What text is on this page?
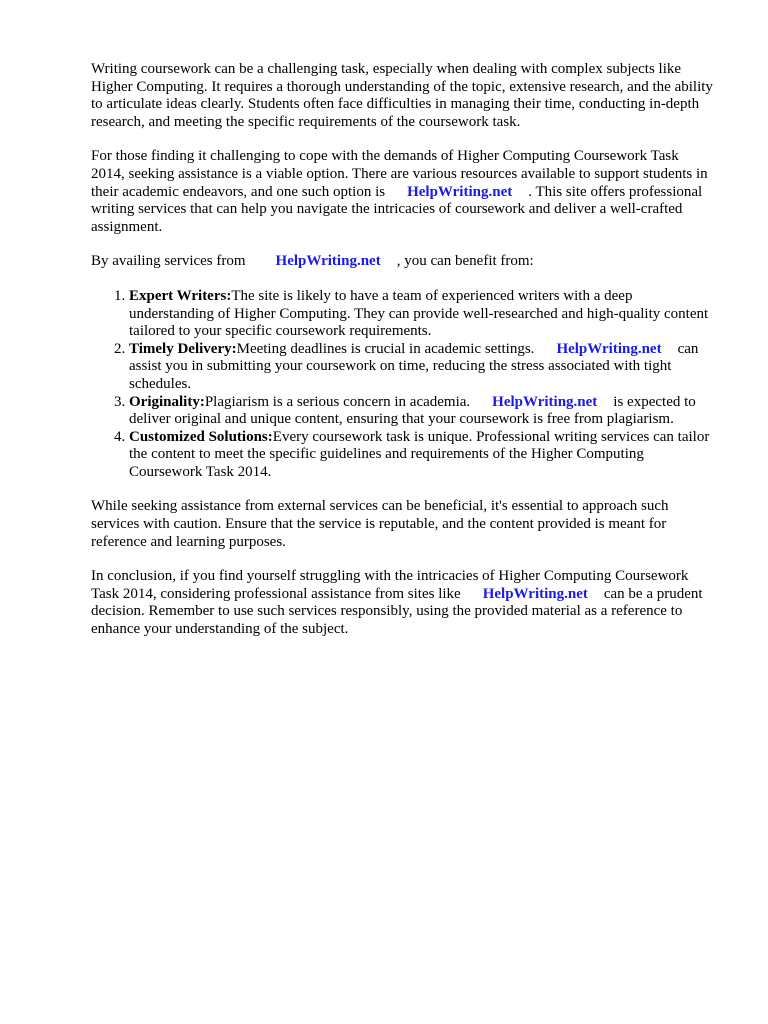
Writing coursework can be a challenging task, especially when dealing with complex subjects like Higher Computing. It requires a thorough understanding of the topic, extensive research, and the ability to articulate ideas clearly. Students often face difficulties in managing their time, conducting in-depth research, and meeting the specific requirements of the coursework task.

For those finding it challenging to cope with the demands of Higher Computing Coursework Task 2014, seeking assistance is a viable option. There are various resources available to support students in their academic endeavors, and one such option is HelpWriting.net . This site offers professional writing services that can help you navigate the intricacies of coursework and deliver a well-crafted assignment.

By availing services from HelpWriting.net , you can benefit from:

1. Expert Writers:The site is likely to have a team of experienced writers with a deep understanding of Higher Computing. They can provide well-researched and high-quality content tailored to your specific coursework requirements.
2. Timely Delivery:Meeting deadlines is crucial in academic settings. HelpWriting.net can assist you in submitting your coursework on time, reducing the stress associated with tight schedules.
3. Originality:Plagiarism is a serious concern in academia. HelpWriting.net is expected to deliver original and unique content, ensuring that your coursework is free from plagiarism.
4. Customized Solutions:Every coursework task is unique. Professional writing services can tailor the content to meet the specific guidelines and requirements of the Higher Computing Coursework Task 2014.

While seeking assistance from external services can be beneficial, it's essential to approach such services with caution. Ensure that the service is reputable, and the content provided is meant for reference and learning purposes.

In conclusion, if you find yourself struggling with the intricacies of Higher Computing Coursework Task 2014, considering professional assistance from sites like HelpWriting.net can be a prudent decision. Remember to use such services responsibly, using the provided material as a reference to enhance your understanding of the subject.
